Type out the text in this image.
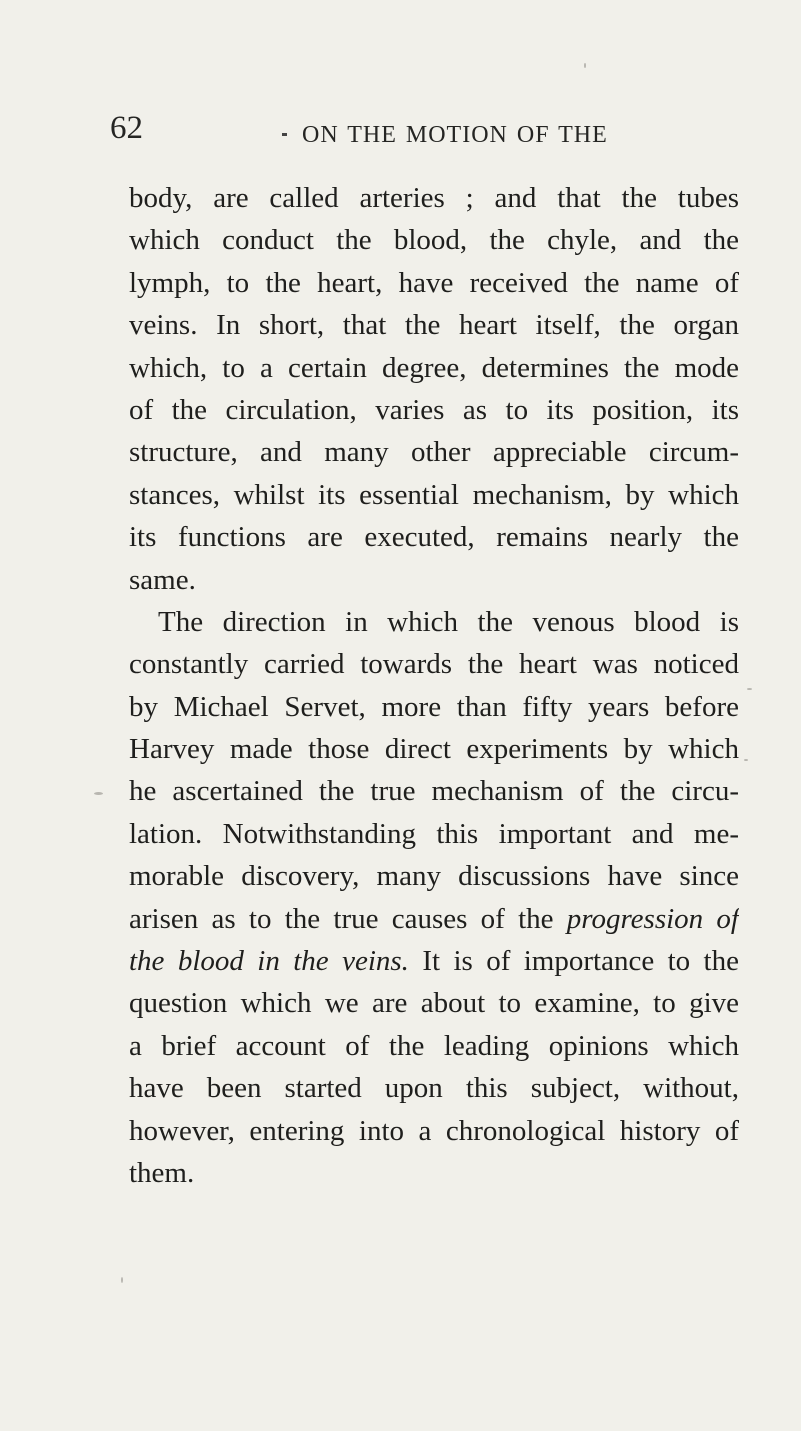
62	ON THE MOTION OF THE
body, are called arteries ; and that the tubes
which conduct the blood, the chyle, and the
lymph, to the heart, have received the name of
veins. In short, that the heart itself, the organ
which, to a certain degree, determines the mode
of the circulation, varies as to its position, its
structure, and many other appreciable circum-
stances, whilst its essential mechanism, by which
its functions are executed, remains nearly the
same.
The direction in which the venous blood is
constantly carried towards the heart was noticed
by Michael Servet, more than fifty years before
Harvey made those direct experiments by which
he ascertained the true mechanism of the circu-
lation. Notwithstanding this important and me-
morable discovery, many discussions have since
arisen as to the true causes of the progression of
the blood in the veins. It is of importance to the
question which we are about to examine, to give
a brief account of the leading opinions which
have been started upon this subject, without,
however, entering into a chronological history of
them.
